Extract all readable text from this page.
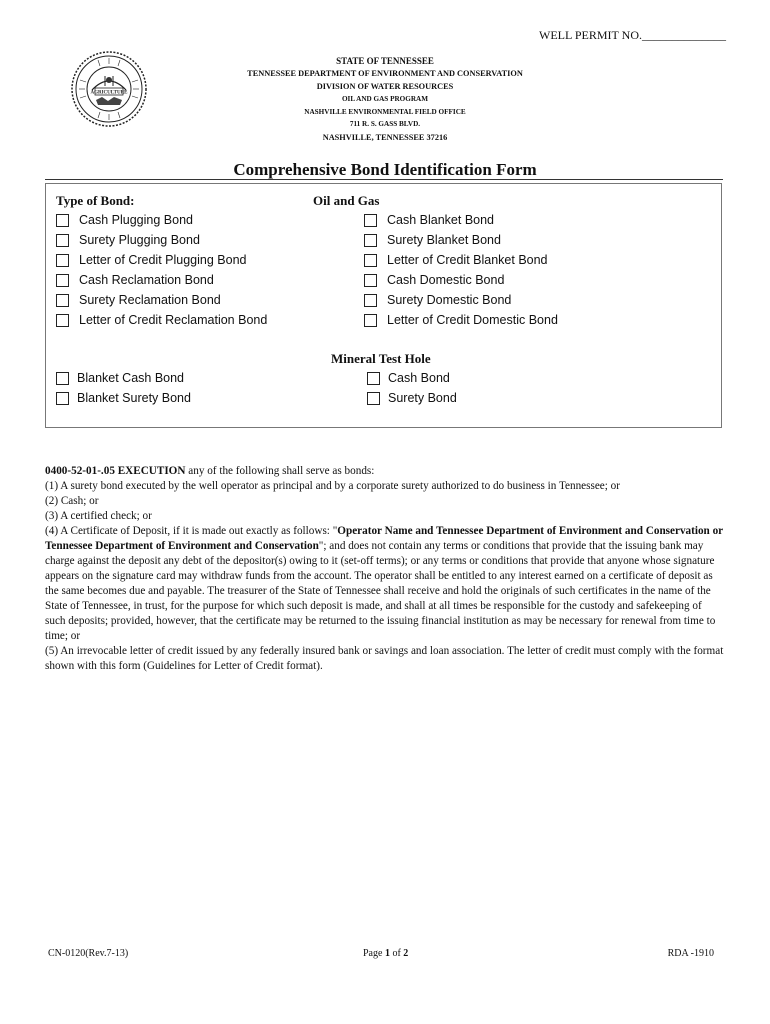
WELL PERMIT NO.______________
AGRICULTURE
STATE OF TENNESSEE
TENNESSEE DEPARTMENT OF ENVIRONMENT AND CONSERVATION
DIVISION OF WATER RESOURCES
OIL AND GAS PROGRAM
NASHVILLE ENVIRONMENTAL FIELD OFFICE
711 R. S. GASS BLVD.
NASHVILLE, TENNESSEE 37216
Comprehensive Bond Identification Form
Type of Bond:	Oil and Gas
Cash Plugging Bond
Surety Plugging Bond
Letter of Credit Plugging Bond
Cash Reclamation Bond
Surety Reclamation Bond
Letter of Credit Reclamation Bond
Cash Blanket Bond
Surety Blanket Bond
Letter of Credit Blanket Bond
Cash Domestic Bond
Surety Domestic Bond
Letter of Credit Domestic Bond
Mineral Test Hole
Blanket Cash Bond
Blanket Surety Bond
Cash Bond
Surety Bond

0400-52-01-.05 EXECUTION any of the following shall serve as bonds:

(1) A surety bond executed by the well operator as principal and by a corporate surety authorized to do business in Tennessee; or

(2) Cash; or

(3) A certified check; or

(4) A Certificate of Deposit, if it is made out exactly as follows: "Operator Name and Tennessee Department of Environment and Conservation or Tennessee Department of Environment and Conservation"; and does not contain any terms or conditions that provide that the issuing bank may charge against the deposit any debt of the depositor(s) owing to it (set-off terms); or any terms or conditions that provide that anyone whose signature appears on the signature card may withdraw funds from the account. The operator shall be entitled to any interest earned on a certificate of deposit as the same becomes due and payable. The treasurer of the State of Tennessee shall receive and hold the originals of such certificates in the name of the State of Tennessee, in trust, for the purpose for which such deposit is made, and shall at all times be responsible for the custody and safekeeping of such deposits; provided, however, that the certificate may be returned to the issuing financial institution as may be necessary for renewal from time to time; or

(5) An irrevocable letter of credit issued by any federally insured bank or savings and loan association. The letter of credit must comply with the format shown with this form (Guidelines for Letter of Credit format).

CN-0120(Rev.7-13)	Page 1 of 2	RDA -1910
